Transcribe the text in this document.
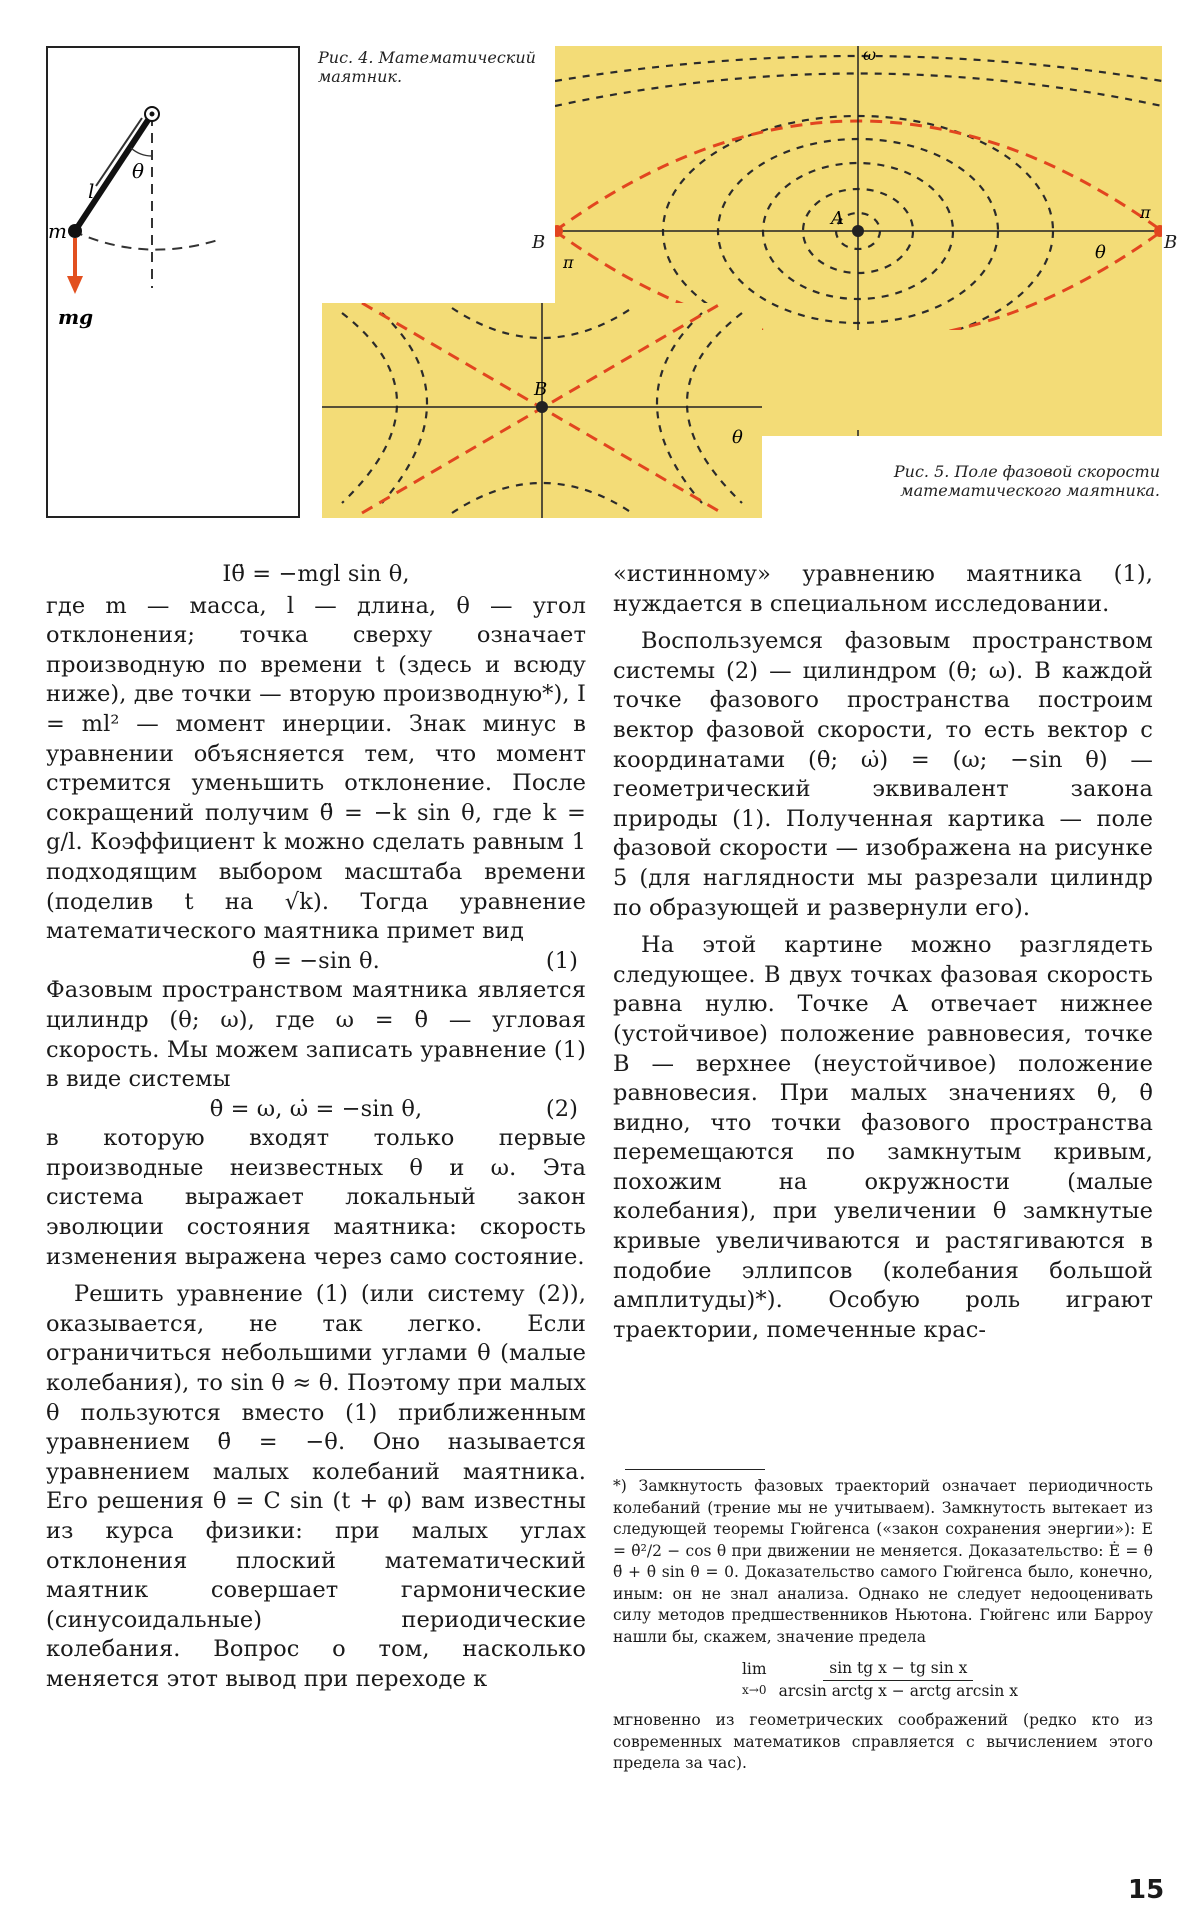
l
θ
m
mg
Рис. 4. Математический маятник.
ω
A
θ
π
π
B
θ
B	B
Рис. 5. Поле фазовой скорости математического маятника.

Iθ̈ = −mgl sin θ,

где m — масса, l — длина, θ — угол отклонения; точка сверху означает производную по времени t (здесь и всюду ниже), две точки — вторую производную*), I = ml² — момент инерции. Знак минус в уравнении объясняется тем, что момент стремится уменьшить отклонение. После сокращений получим θ̈ = −k sin θ, где k = g/l. Коэффициент k можно сделать равным 1 подходящим выбором масштаба времени (поделив t на √k). Тогда уравнение математического маятника примет вид

θ̈ = −sin θ.	(1)

Фазовым пространством маятника является цилиндр (θ; ω), где ω = θ̇ — угловая скорость. Мы можем записать уравнение (1) в виде системы

θ̇ = ω, ω̇ = −sin θ,	(2)

в которую входят только первые производные неизвестных θ и ω. Эта система выражает локальный закон эволюции состояния маятника: скорость изменения выражена через само состояние.

Решить уравнение (1) (или систему (2)), оказывается, не так легко. Если ограничиться небольшими углами θ (малые колебания), то sin θ ≈ θ. Поэтому при малых θ пользуются вместо (1) приближенным уравнением θ̈ = −θ. Оно называется уравнением малых колебаний маятника. Его решения θ = C sin (t + φ) вам известны из курса физики: при малых углах отклонения плоский математический маятник совершает гармонические (синусоидальные) периодические колебания. Вопрос о том, насколько меняется этот вывод при переходе к

«истинному» уравнению маятника (1), нуждается в специальном исследовании.

Воспользуемся фазовым пространством системы (2) — цилиндром (θ; ω). В каждой точке фазового пространства построим вектор фазовой скорости, то есть вектор с координатами (θ̇; ω̇) = (ω; −sin θ) — геометрический эквивалент закона природы (1). Полученная картика — поле фазовой скорости — изображена на рисунке 5 (для наглядности мы разрезали цилиндр по образующей и развернули его).

На этой картине можно разглядеть следующее. В двух точках фазовая скорость равна нулю. Точке A отвечает нижнее (устойчивое) положение равновесия, точке B — верхнее (неустойчивое) положение равновесия. При малых значениях θ, θ̇ видно, что точки фазового пространства перемещаются по замкнутым кривым, похожим на окружности (малые колебания), при увеличении θ замкнутые кривые увеличиваются и растягиваются в подобие эллипсов (колебания большой амплитуды)*). Особую роль играют траектории, помеченные крас-

*) Замкнутость фазовых траекторий означает периодичность колебаний (трение мы не учитываем). Замкнутость вытекает из следующей теоремы Гюйгенса («закон сохранения энергии»): E = θ̇²/2 − cos θ при движении не меняется. Доказательство: Ė = θ̇ θ̈ + θ̇ sin θ = 0. Доказательство самого Гюйгенса было, конечно, иным: он не знал анализа. Однако не следует недооценивать силу методов предшественников Ньютона. Гюйгенс или Барроу нашли бы, скажем, значение предела
lim
x→0
sin tg x − tg sin x
arcsin arctg x − arctg arcsin x
мгновенно из геометрических соображений (редко кто из современных математиков справляется с вычислением этого предела за час).
15
